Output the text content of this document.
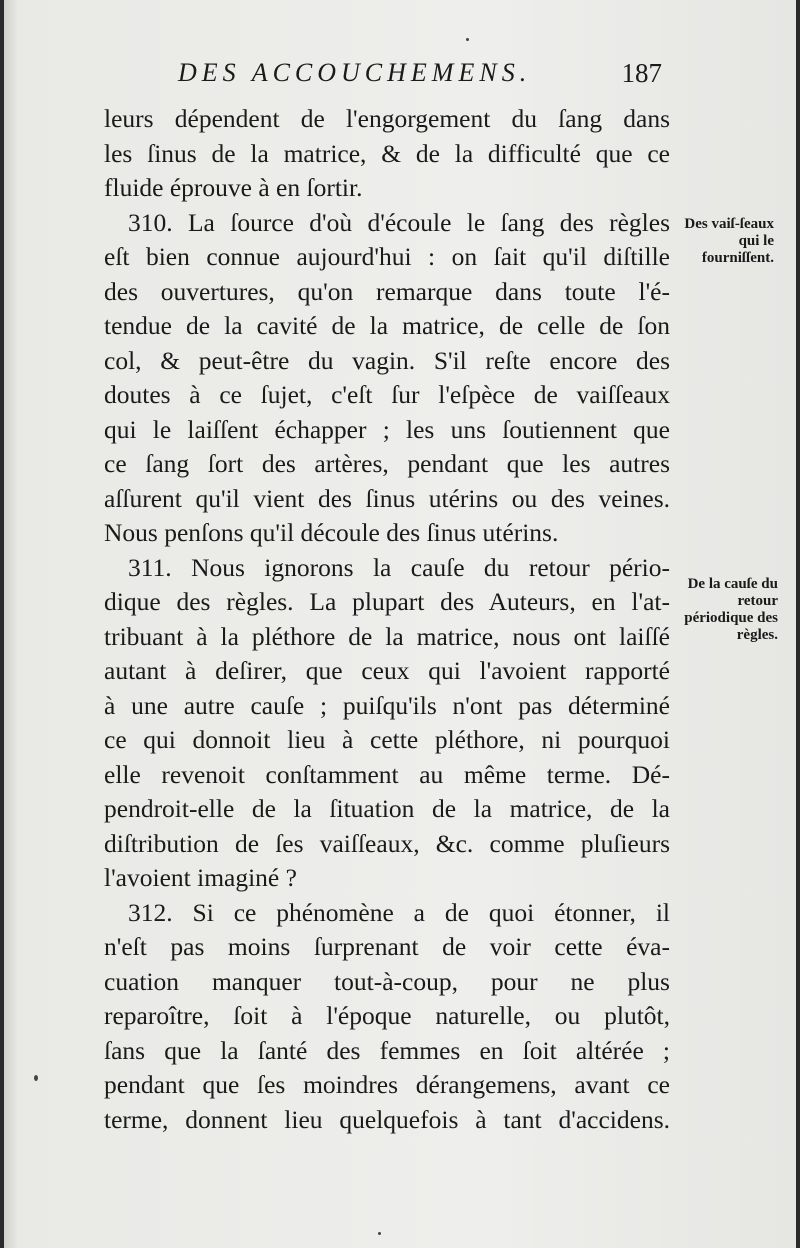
DES ACCOUCHEMENS.	187
leurs dépendent de l'engorgement du ſang dans
les ſinus de la matrice, & de la difficulté que ce
fluide éprouve à en ſortir.
310. La ſource d'où d'écoule le ſang des règles
eſt bien connue aujourd'hui : on ſait qu'il diſtille
des ouvertures, qu'on remarque dans toute l'é-
tendue de la cavité de la matrice, de celle de ſon
col, & peut-être du vagin. S'il reſte encore des
doutes à ce ſujet, c'eſt ſur l'eſpèce de vaiſſeaux
qui le laiſſent échapper ; les uns ſoutiennent que
ce ſang ſort des artères, pendant que les autres
aſſurent qu'il vient des ſinus utérins ou des veines.
Nous penſons qu'il découle des ſinus utérins.
311. Nous ignorons la cauſe du retour pério-
dique des règles. La plupart des Auteurs, en l'at-
tribuant à la pléthore de la matrice, nous ont laiſſé
autant à deſirer, que ceux qui l'avoient rapporté
à une autre cauſe ; puiſqu'ils n'ont pas déterminé
ce qui donnoit lieu à cette pléthore, ni pourquoi
elle revenoit conſtamment au même terme. Dé-
pendroit-elle de la ſituation de la matrice, de la
diſtribution de ſes vaiſſeaux, &c. comme pluſieurs
l'avoient imaginé ?
312. Si ce phénomène a de quoi étonner, il
n'eſt pas moins ſurprenant de voir cette éva-
cuation manquer tout-à-coup, pour ne plus
reparoître, ſoit à l'époque naturelle, ou plutôt,
ſans que la ſanté des femmes en ſoit altérée ;
pendant que ſes moindres dérangemens, avant ce
terme, donnent lieu quelquefois à tant d'accidens.
Des vaiſ-ſeaux qui le fourniſſent.
De la cauſe du retour périodique des règles.
